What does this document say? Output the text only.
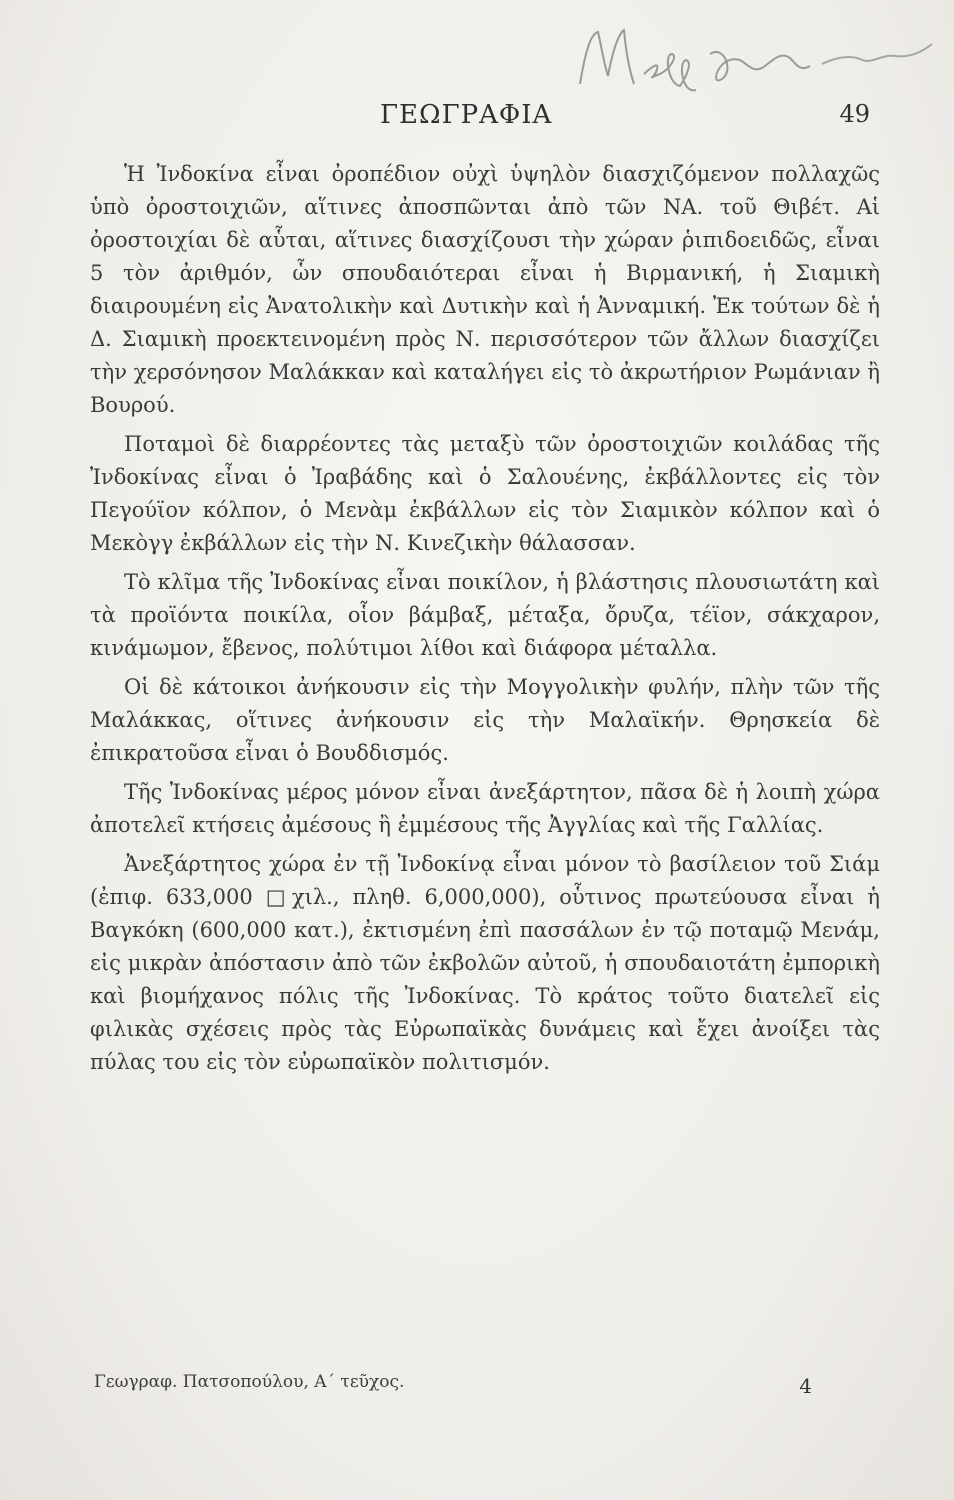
ΓΕΩΓΡΑΦΙΑ	49

Ἡ Ἰνδοκίνα εἶναι ὀροπέδιον οὐχὶ ὑψηλὸν διασχιζόμενον πολλαχῶς ὑπὸ ὀροστοιχιῶν, αἵτινες ἀποσπῶνται ἀπὸ τῶν ΝΑ. τοῦ Θιβέτ. Αἱ ὀροστοιχίαι δὲ αὗται, αἵτινες διασχίζουσι τὴν χώραν ῥιπιδοειδῶς, εἶναι 5 τὸν ἀριθμόν, ὧν σπουδαιότεραι εἶναι ἡ Βιρμανική, ἡ Σιαμικὴ διαιρουμένη εἰς Ἀνατολικὴν καὶ Δυτικὴν καὶ ἡ Ἀνναμική. Ἐκ τούτων δὲ ἡ Δ. Σιαμικὴ προεκτεινομένη πρὸς Ν. περισσότερον τῶν ἄλλων διασχίζει τὴν χερσόνησον Μαλάκκαν καὶ καταλήγει εἰς τὸ ἀκρωτήριον Ρωμάνιαν ἢ Βουρού.

Ποταμοὶ δὲ διαρρέοντες τὰς μεταξὺ τῶν ὀροστοιχιῶν κοιλάδας τῆς Ἰνδοκίνας εἶναι ὁ Ἰραβάδης καὶ ὁ Σαλουένης, ἐκβάλλοντες εἰς τὸν Πεγούϊον κόλπον, ὁ Μενὰμ ἐκβάλλων εἰς τὸν Σιαμικὸν κόλπον καὶ ὁ Μεκὸγγ ἐκβάλλων εἰς τὴν Ν. Κινεζικὴν θάλασσαν.

Τὸ κλῖμα τῆς Ἰνδοκίνας εἶναι ποικίλον, ἡ βλάστησις πλουσιωτάτη καὶ τὰ προϊόντα ποικίλα, οἷον βάμβαξ, μέταξα, ὄρυζα, τέϊον, σάκχαρον, κινάμωμον, ἔβενος, πολύτιμοι λίθοι καὶ διάφορα μέταλλα.

Οἱ δὲ κάτοικοι ἀνήκουσιν εἰς τὴν Μογγολικὴν φυλήν, πλὴν τῶν τῆς Μαλάκκας, οἵτινες ἀνήκουσιν εἰς τὴν Μαλαϊκήν. Θρησκεία δὲ ἐπικρατοῦσα εἶναι ὁ Βουδδισμός.

Τῆς Ἰνδοκίνας μέρος μόνον εἶναι ἀνεξάρτητον, πᾶσα δὲ ἡ λοιπὴ χώρα ἀποτελεῖ κτήσεις ἀμέσους ἢ ἐμμέσους τῆς Ἀγγλίας καὶ τῆς Γαλλίας.

Ἀνεξάρτητος χώρα ἐν τῇ Ἰνδοκίνᾳ εἶναι μόνον τὸ βασίλειον τοῦ Σιάμ (ἐπιφ. 633,000 □χιλ., πληθ. 6,000,000), οὗτινος πρωτεύουσα εἶναι ἡ Βαγκόκη (600,000 κατ.), ἐκτισμένη ἐπὶ πασσάλων ἐν τῷ ποταμῷ Μενάμ, εἰς μικρὰν ἀπόστασιν ἀπὸ τῶν ἐκβολῶν αὐτοῦ, ἡ σπουδαιοτάτη ἐμπορικὴ καὶ βιομήχανος πόλις τῆς Ἰνδοκίνας. Τὸ κράτος τοῦτο διατελεῖ εἰς φιλικὰς σχέσεις πρὸς τὰς Εὐρωπαϊκὰς δυνάμεις καὶ ἔχει ἀνοίξει τὰς πύλας του εἰς τὸν εὐρωπαϊκὸν πολιτισμόν.

Γεωγραφ. Πατσοπούλου, Α΄ τεῦχος.	4
